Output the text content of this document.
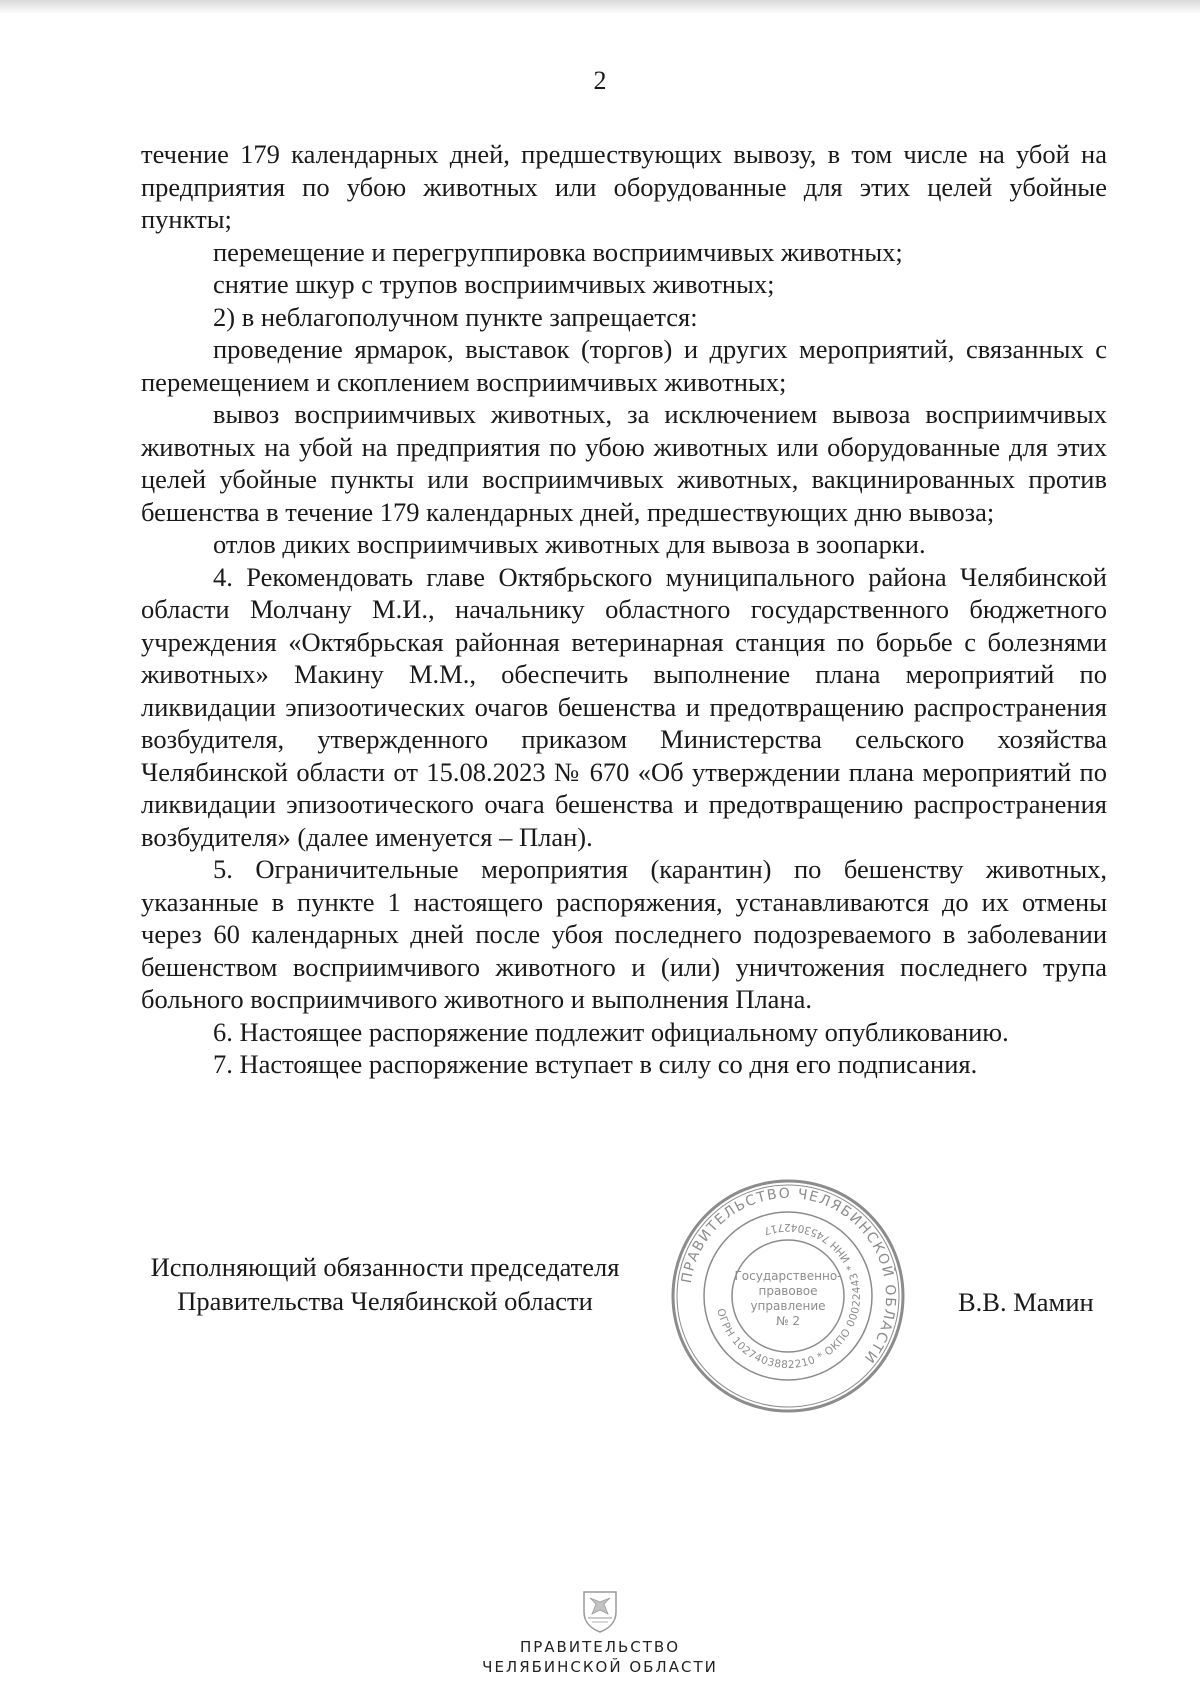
2

течение 179 календарных дней, предшествующих вывозу, в том числе на убой на предприятия по убою животных или оборудованные для этих целей убойные пункты;

перемещение и перегруппировка восприимчивых животных;

снятие шкур с трупов восприимчивых животных;

2) в неблагополучном пункте запрещается:

проведение ярмарок, выставок (торгов) и других мероприятий, связанных с перемещением и скоплением восприимчивых животных;

вывоз восприимчивых животных, за исключением вывоза восприимчивых животных на убой на предприятия по убою животных или оборудованные для этих целей убойные пункты или восприимчивых животных, вакцинированных против бешенства в течение 179 календарных дней, предшествующих дню вывоза;

отлов диких восприимчивых животных для вывоза в зоопарки.

4. Рекомендовать главе Октябрьского муниципального района Челябинской области Молчану М.И., начальнику областного государственного бюджетного учреждения «Октябрьская районная ветеринарная станция по борьбе с болезнями животных» Макину М.М., обеспечить выполнение плана мероприятий по ликвидации эпизоотических очагов бешенства и предотвращению распространения возбудителя, утвержденного приказом Министерства сельского хозяйства Челябинской области от 15.08.2023 № 670 «Об утверждении плана мероприятий по ликвидации эпизоотического очага бешенства и предотвращению распространения возбудителя» (далее именуется – План).

5. Ограничительные мероприятия (карантин) по бешенству животных, указанные в пункте 1 настоящего распоряжения, устанавливаются до их отмены через 60 календарных дней после убоя последнего подозреваемого в заболевании бешенством восприимчивого животного и (или) уничтожения последнего трупа больного восприимчивого животного и выполнения Плана.

6. Настоящее распоряжение подлежит официальному опубликованию.

7. Настоящее распоряжение вступает в силу со дня его подписания.

Исполняющий обязанности председателя
Правительства Челябинской области
ПРАВИТЕЛЬСТВО ЧЕЛЯБИНСКОЙ ОБЛАСТИ
ОГРН 1027403882210 * ОКПО 00022443 * ИНН 7453042717
Государственно-
правовое
управление
№ 2
В.В. Мамин
ПРАВИТЕЛЬСТВО
ЧЕЛЯБИНСКОЙ ОБЛАСТИ
